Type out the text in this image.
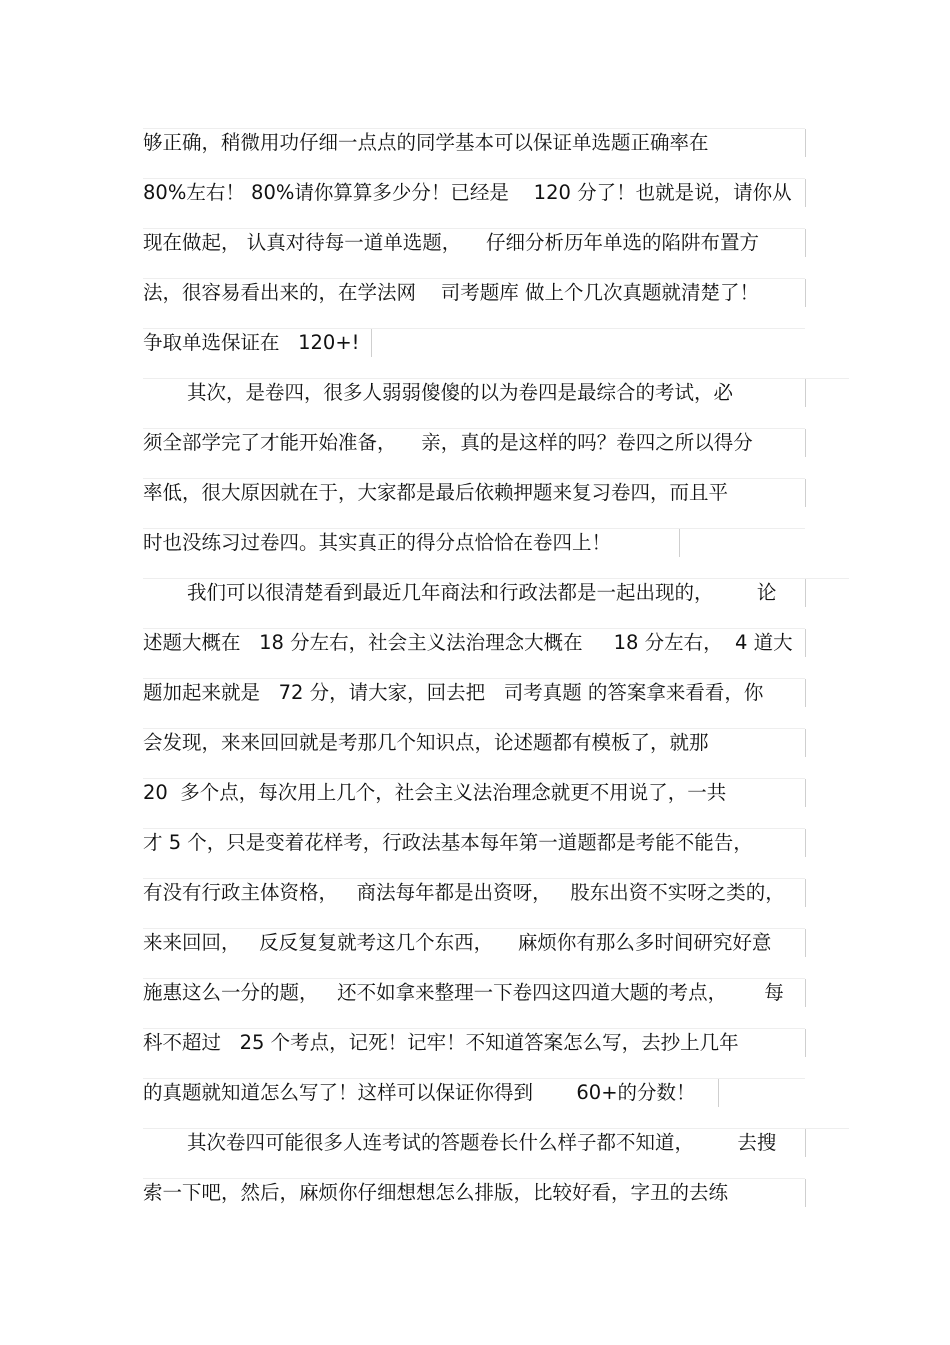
够正确，稍微用功仔细一点点的同学基本可以保证单选题正确率在
80%左右！ 80%请你算算多少分！已经是    120 分了！也就是说，请你从
现在做起， 认真对待每一道单选题，    仔细分析历年单选的陷阱布置方
法，很容易看出来的，在学法网    司考题库 做上个几次真题就清楚了！
争取单选保证在   120+!
其次，是卷四，很多人弱弱傻傻的以为卷四是最综合的考试，必
须全部学完了才能开始准备，    亲，真的是这样的吗？卷四之所以得分
率低，很大原因就在于，大家都是最后依赖押题来复习卷四，而且平
时也没练习过卷四。其实真正的得分点恰恰在卷四上！
我们可以很清楚看到最近几年商法和行政法都是一起出现的，       论
述题大概在   18 分左右，社会主义法治理念大概在     18 分左右，  4 道大
题加起来就是   72 分，请大家，回去把   司考真题 的答案拿来看看，你
会发现，来来回回就是考那几个知识点，论述题都有模板了，就那
20  多个点，每次用上几个，社会主义法治理念就更不用说了，一共
才 5 个，只是变着花样考，行政法基本每年第一道题都是考能不能告，
有没有行政主体资格，   商法每年都是出资呀，   股东出资不实呀之类的，
来来回回，   反反复复就考这几个东西，    麻烦你有那么多时间研究好意
施惠这么一分的题，   还不如拿来整理一下卷四这四道大题的考点，      每
科不超过   25 个考点，记死！记牢！不知道答案怎么写，去抄上几年
的真题就知道怎么写了！这样可以保证你得到       60+的分数！
其次卷四可能很多人连考试的答题卷长什么样子都不知道，       去搜
索一下吧，然后，麻烦你仔细想想怎么排版，比较好看，字丑的去练
